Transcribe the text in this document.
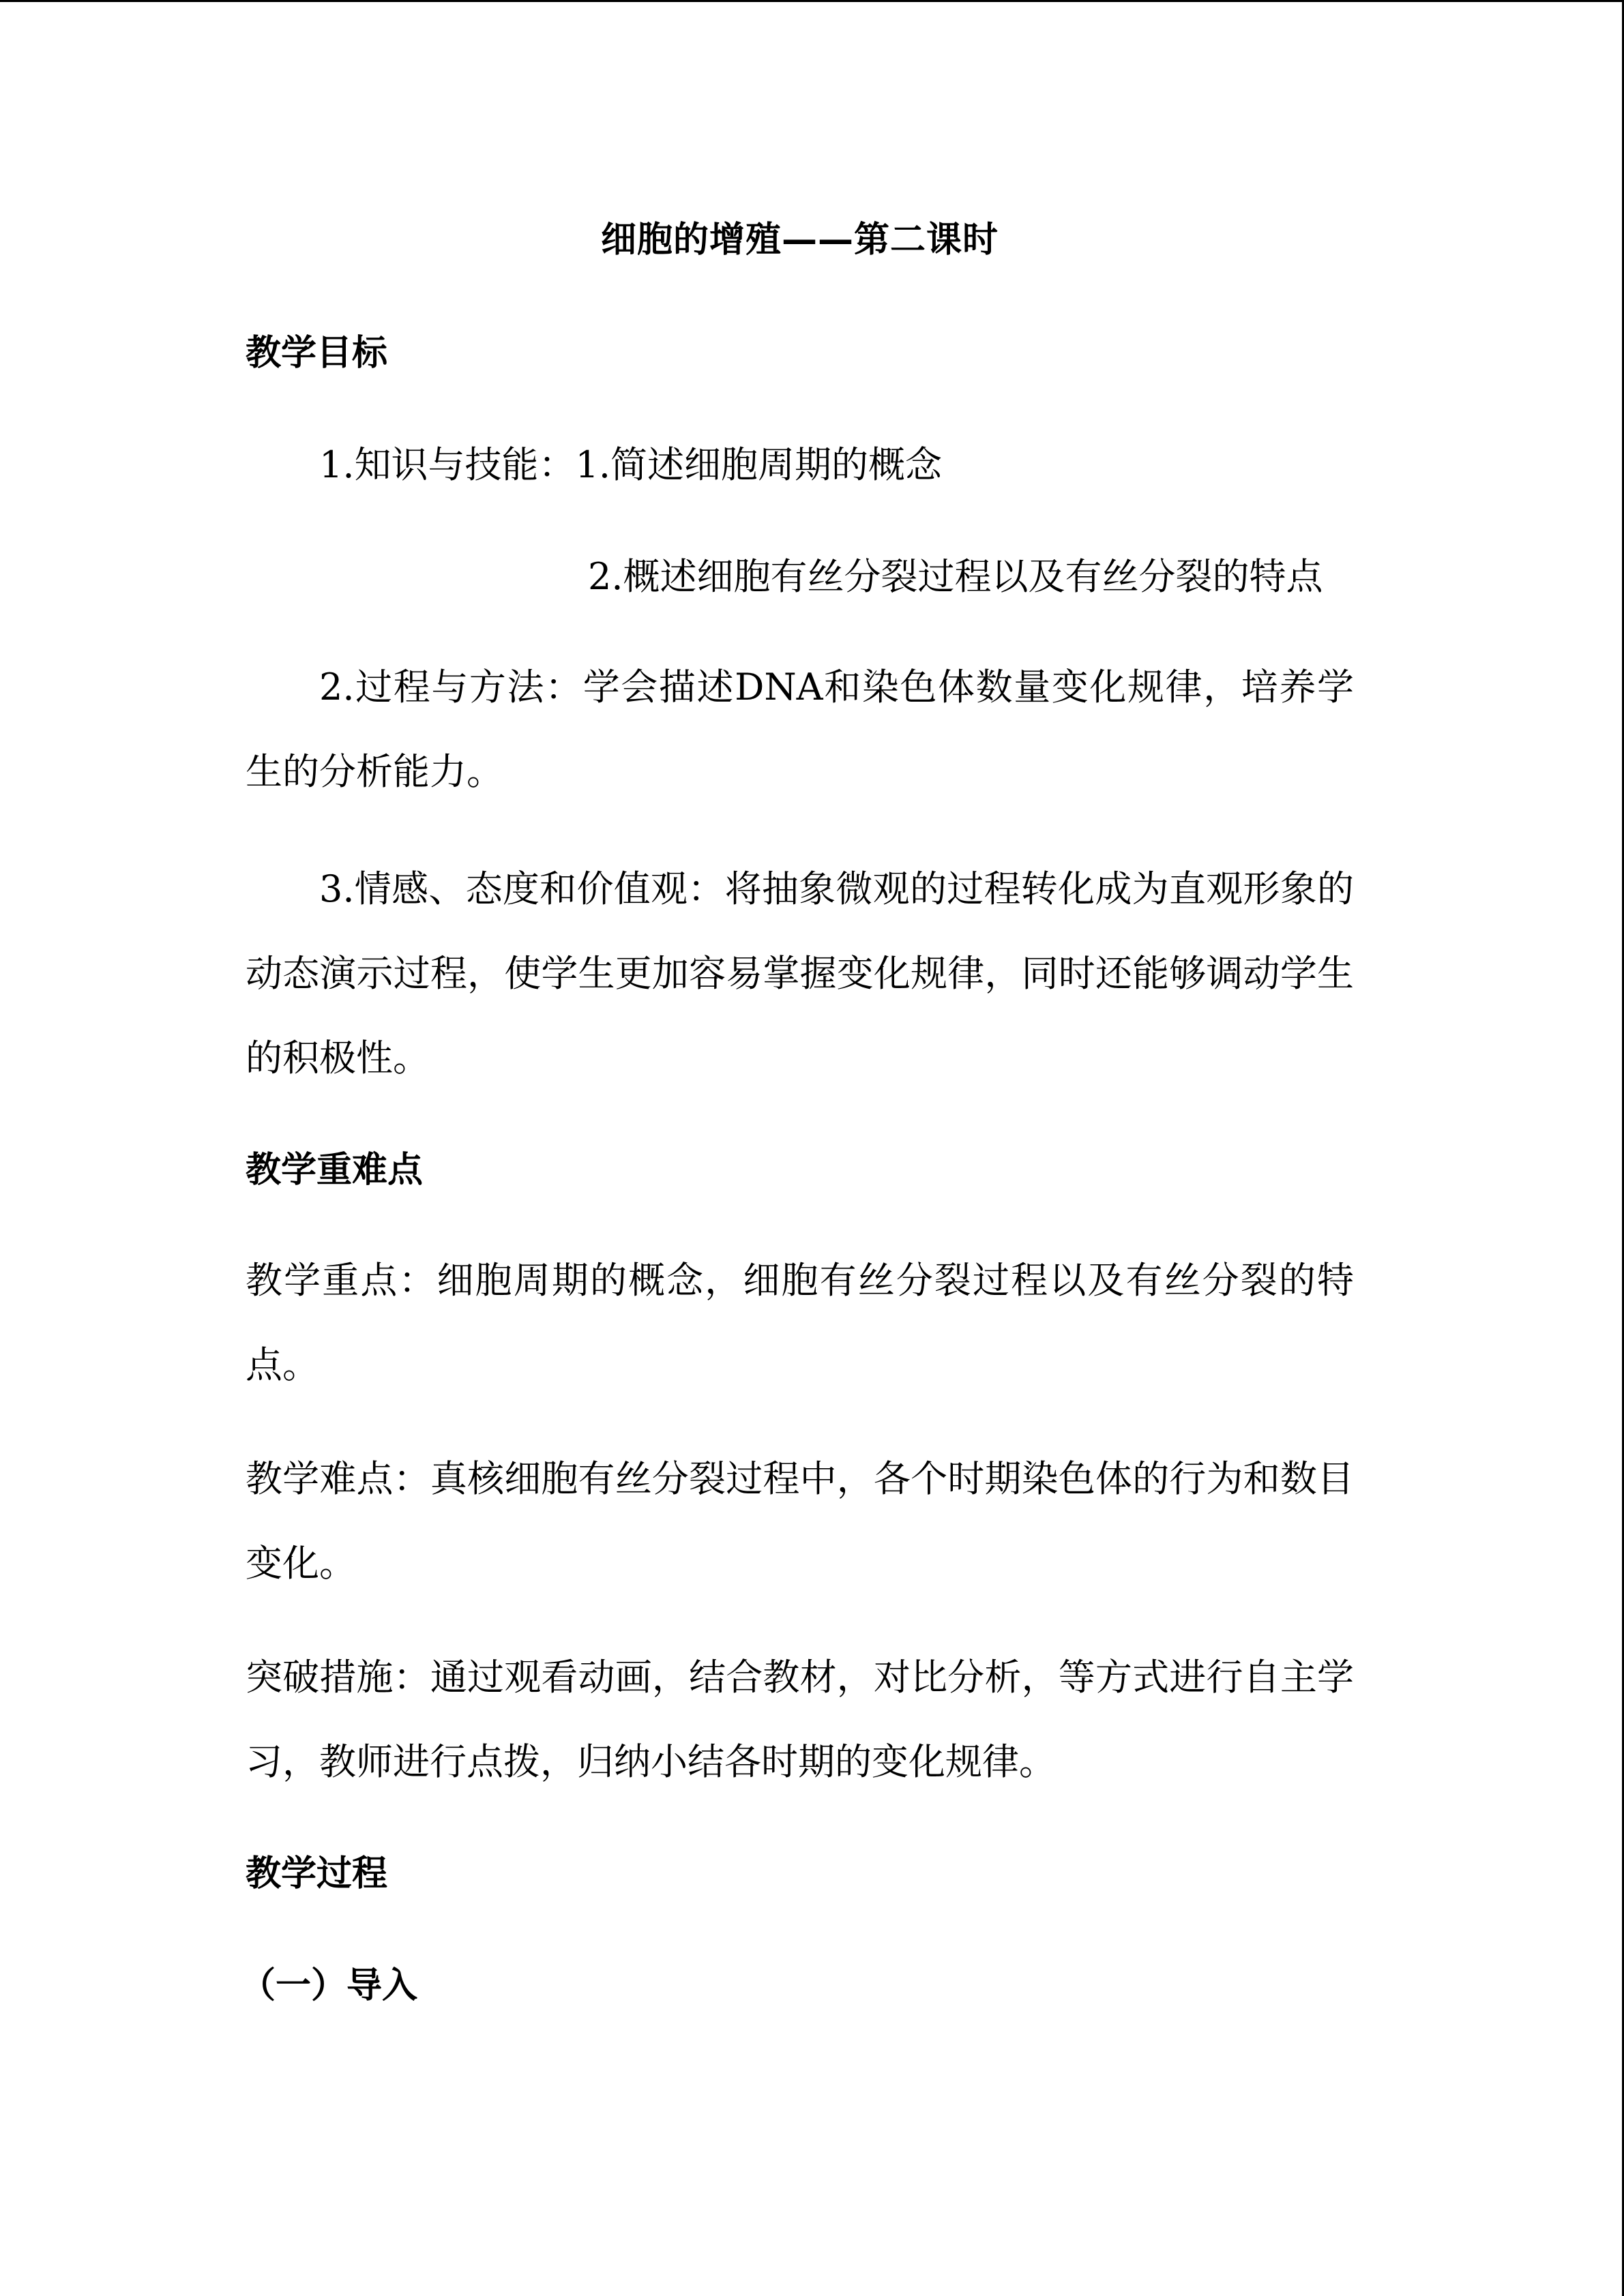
细胞的增殖——第二课时
教学目标
1.知识与技能：1.简述细胞周期的概念
2.概述细胞有丝分裂过程以及有丝分裂的特点
2.过程与方法：学会描述DNA和染色体数量变化规律，培养学生的分析能力。
3.情感、态度和价值观：将抽象微观的过程转化成为直观形象的动态演示过程，使学生更加容易掌握变化规律，同时还能够调动学生的积极性。
教学重难点
教学重点：细胞周期的概念，细胞有丝分裂过程以及有丝分裂的特点。
教学难点：真核细胞有丝分裂过程中，各个时期染色体的行为和数目变化。
突破措施：通过观看动画，结合教材，对比分析，等方式进行自主学习，教师进行点拨，归纳小结各时期的变化规律。
教学过程
（一）导入
